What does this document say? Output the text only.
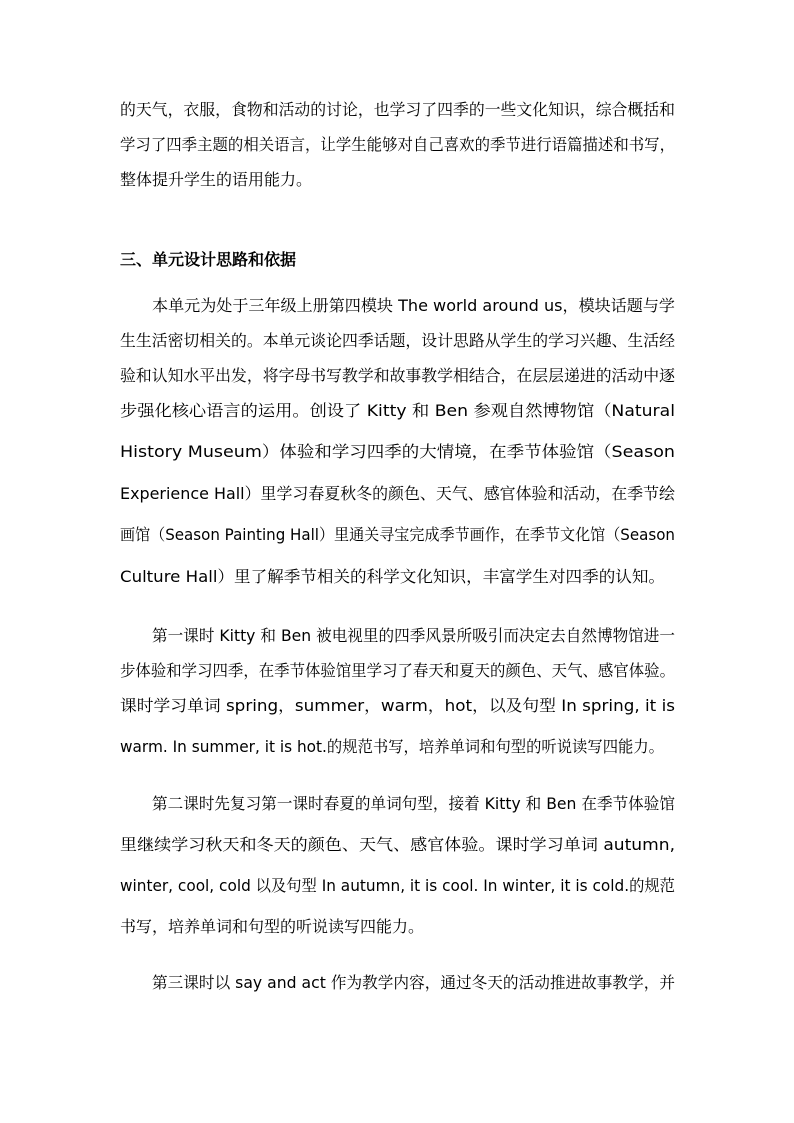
的天气，衣服，食物和活动的讨论，也学习了四季的一些文化知识，综合概括和
学习了四季主题的相关语言，让学生能够对自己喜欢的季节进行语篇描述和书写，
整体提升学生的语用能力。
三、单元设计思路和依据
本单元为处于三年级上册第四模块 The world around us，模块话题与学
生生活密切相关的。本单元谈论四季话题，设计思路从学生的学习兴趣、生活经
验和认知水平出发，将字母书写教学和故事教学相结合，在层层递进的活动中逐
步强化核心语言的运用。创设了 Kitty 和 Ben 参观自然博物馆（Natural
History Museum）体验和学习四季的大情境，在季节体验馆（Season
Experience Hall）里学习春夏秋冬的颜色、天气、感官体验和活动，在季节绘
画馆（Season Painting Hall）里通关寻宝完成季节画作，在季节文化馆（Season
Culture Hall）里了解季节相关的科学文化知识，丰富学生对四季的认知。
第一课时 Kitty 和 Ben 被电视里的四季风景所吸引而决定去自然博物馆进一
步体验和学习四季，在季节体验馆里学习了春天和夏天的颜色、天气、感官体验。
课时学习单词 spring，summer，warm，hot，以及句型 In spring, it is
warm. In summer, it is hot.的规范书写，培养单词和句型的听说读写四能力。
第二课时先复习第一课时春夏的单词句型，接着 Kitty 和 Ben 在季节体验馆
里继续学习秋天和冬天的颜色、天气、感官体验。课时学习单词 autumn,
winter, cool, cold 以及句型 In autumn, it is cool. In winter, it is cold.的规范
书写，培养单词和句型的听说读写四能力。
第三课时以 say and act 作为教学内容，通过冬天的活动推进故事教学，并
